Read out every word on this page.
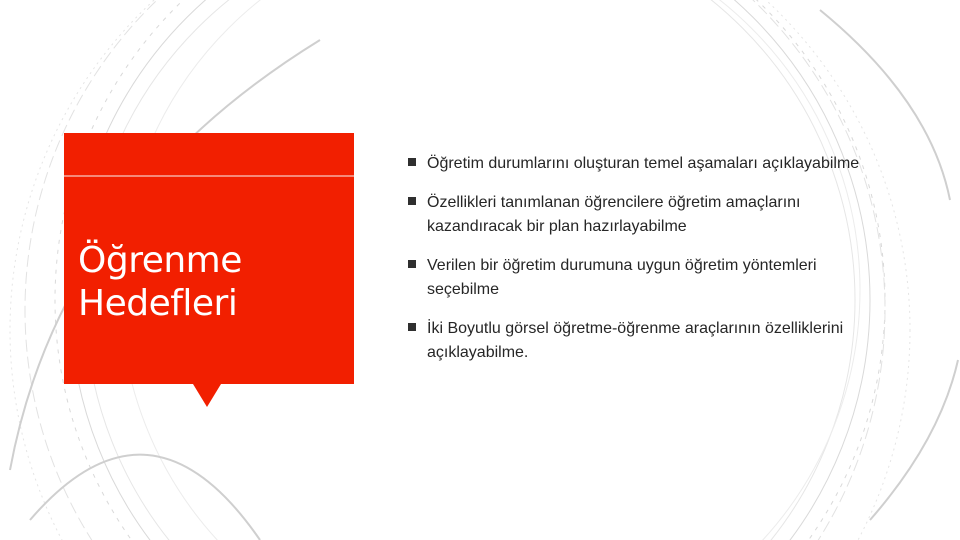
Öğrenme
Hedefleri
Öğretim durumlarını oluşturan temel aşamaları açıklayabilme
Özellikleri tanımlanan öğrencilere öğretim amaçlarını kazandıracak bir plan hazırlayabilme
Verilen bir öğretim durumuna uygun öğretim yöntemleri seçebilme
İki Boyutlu görsel öğretme-öğrenme araçlarının özelliklerini açıklayabilme.
